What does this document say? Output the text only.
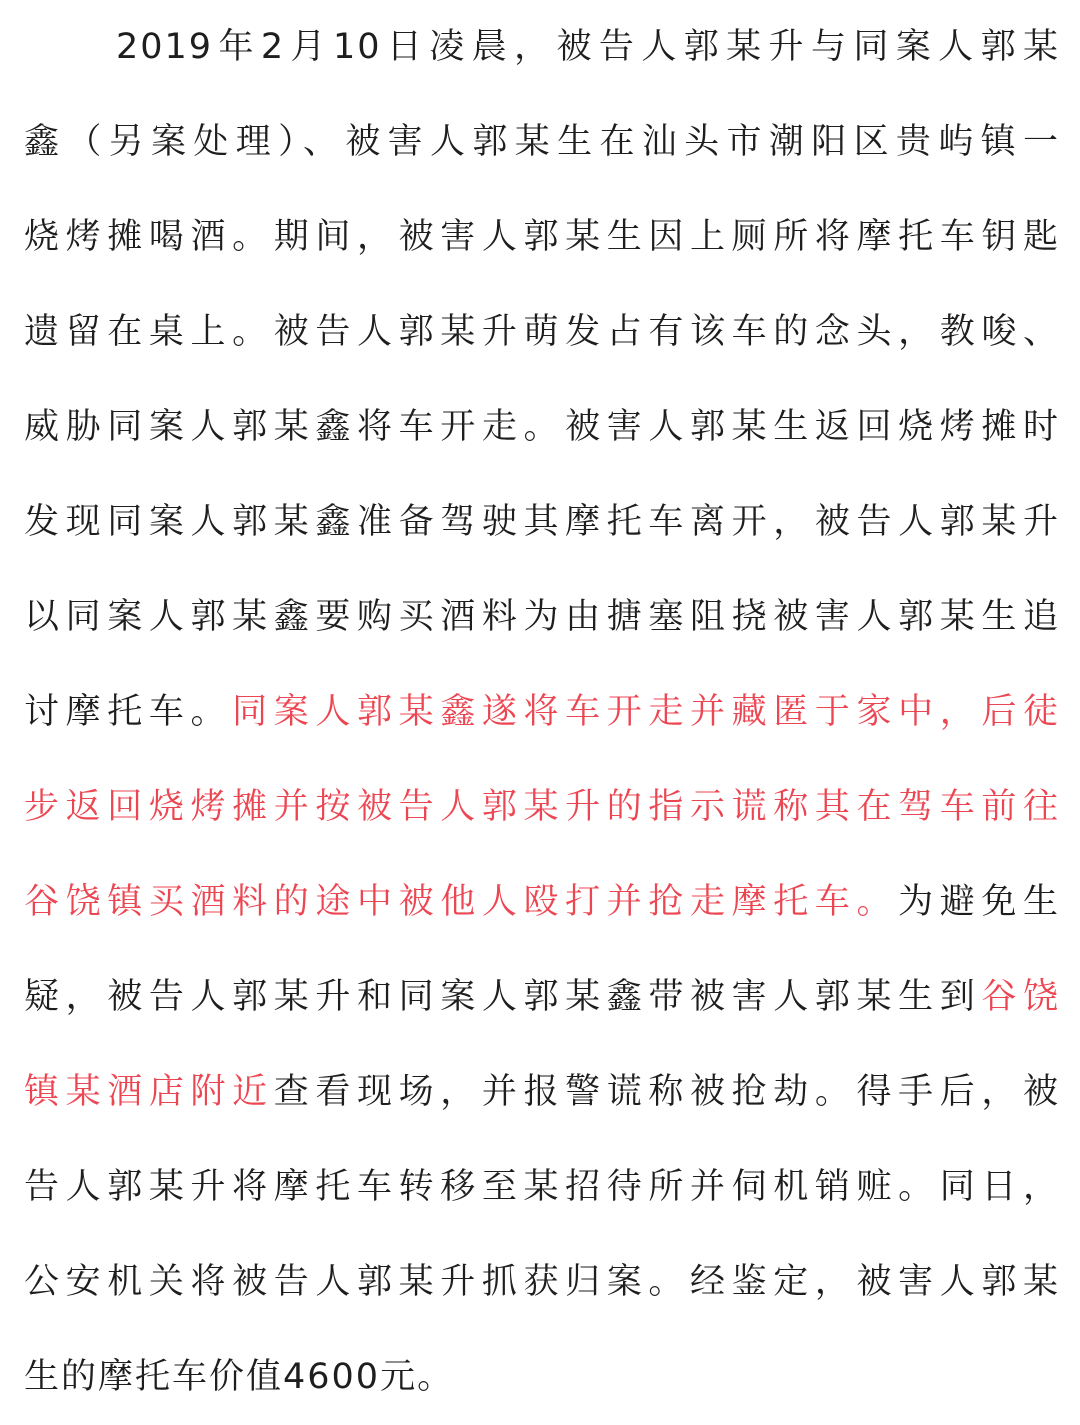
2019年2月10日凌晨，被告人郭某升与同案人郭某
鑫（另案处理）、被害人郭某生在汕头市潮阳区贵屿镇一
烧烤摊喝酒。期间，被害人郭某生因上厕所将摩托车钥匙
遗留在桌上。被告人郭某升萌发占有该车的念头，教唆、
威胁同案人郭某鑫将车开走。被害人郭某生返回烧烤摊时
发现同案人郭某鑫准备驾驶其摩托车离开，被告人郭某升
以同案人郭某鑫要购买酒料为由搪塞阻挠被害人郭某生追
讨摩托车。同案人郭某鑫遂将车开走并藏匿于家中，后徒
步返回烧烤摊并按被告人郭某升的指示谎称其在驾车前往
谷饶镇买酒料的途中被他人殴打并抢走摩托车。为避免生
疑，被告人郭某升和同案人郭某鑫带被害人郭某生到谷饶
镇某酒店附近查看现场，并报警谎称被抢劫。得手后，被
告人郭某升将摩托车转移至某招待所并伺机销赃。同日，
公安机关将被告人郭某升抓获归案。经鉴定，被害人郭某
生的摩托车价值4600元。
